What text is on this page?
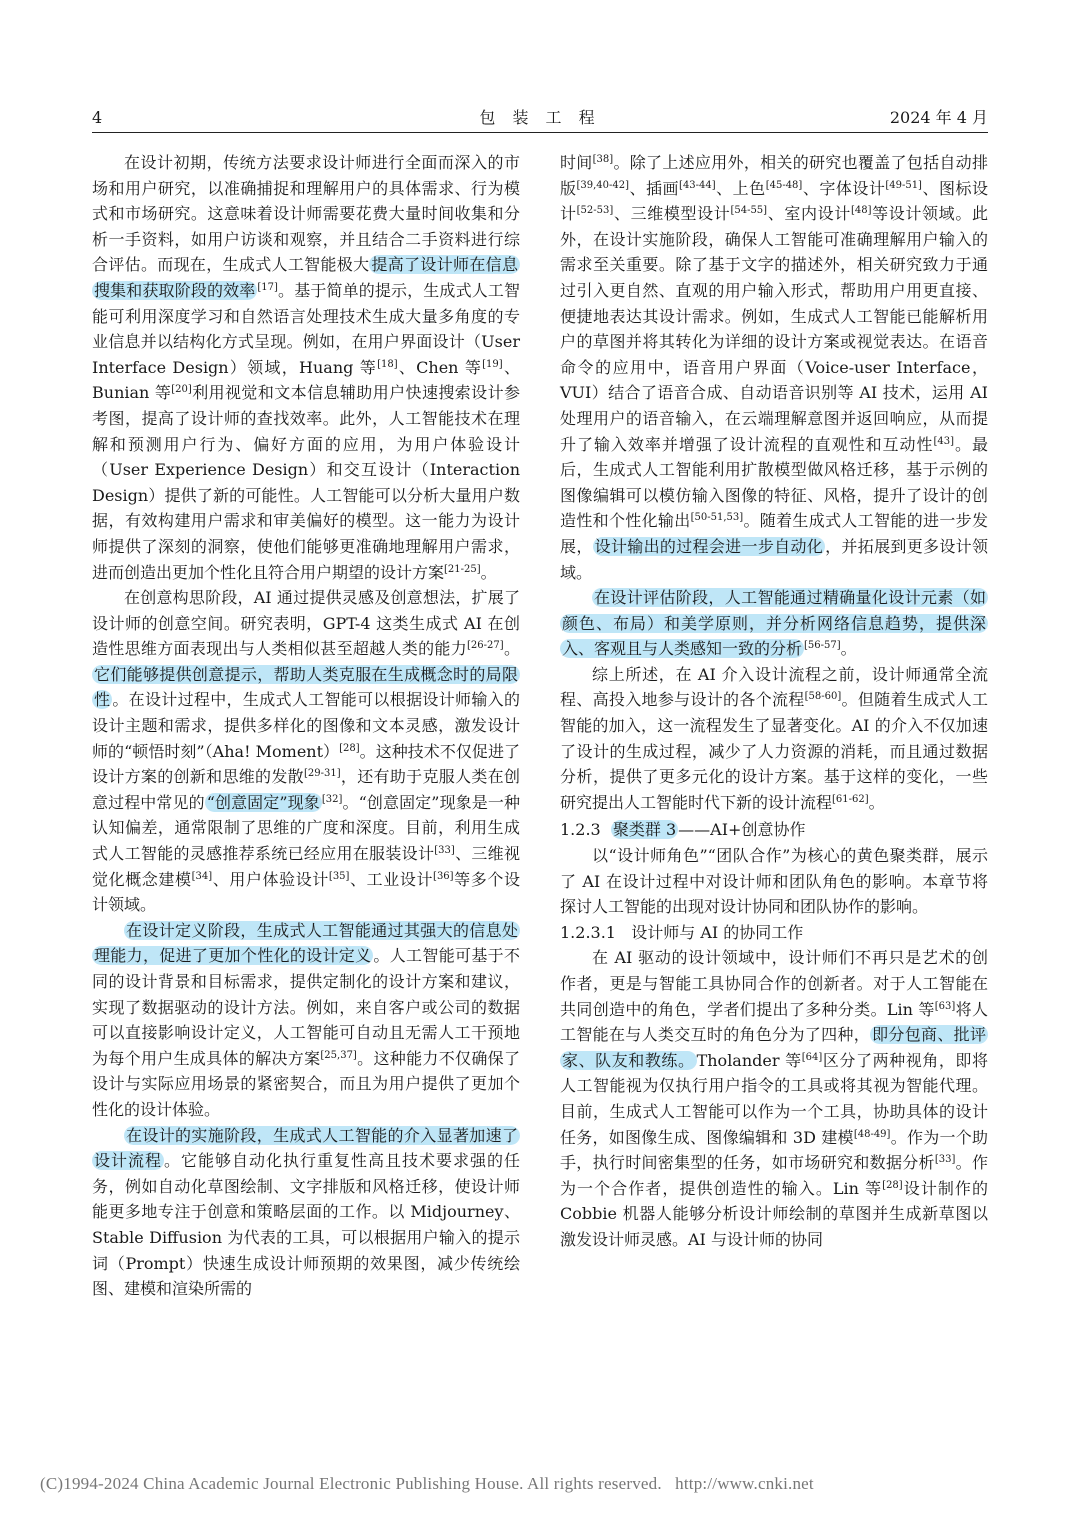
4	包 装 工 程	2024 年 4 月

在设计初期，传统方法要求设计师进行全面而深入的市场和用户研究，以准确捕捉和理解用户的具体需求、行为模式和市场研究。这意味着设计师需要花费大量时间收集和分析一手资料，如用户访谈和观察，并且结合二手资料进行综合评估。而现在，生成式人工智能极大 提高了设计师在信息搜集和获取阶段的效率 [17]。基于简单的提示，生成式人工智能可利用深度学习和自然语言处理技术生成大量多角度的专业信息并以结构化方式呈现。例如，在用户界面设计（User Interface Design）领域，Huang 等[18]、Chen 等[19]、Bunian 等[20]利用视觉和文本信息辅助用户快速搜索设计参考图，提高了设计师的查找效率。此外，人工智能技术在理解和预测用户行为、偏好方面的应用，为用户体验设计（User Experience Design）和交互设计（Interaction Design）提供了新的可能性。人工智能可以分析大量用户数据，有效构建用户需求和审美偏好的模型。这一能力为设计师提供了深刻的洞察，使他们能够更准确地理解用户需求，进而创造出更加个性化且符合用户期望的设计方案[21-25]。

在创意构思阶段，AI 通过提供灵感及创意想法，扩展了设计师的创意空间。研究表明，GPT-4 这类生成式 AI 在创造性思维方面表现出与人类相似甚至超越人类的能力[26-27]。它们能够提供创意提示，帮助人类克服在生成概念时的局限性 。在设计过程中，生成式人工智能可以根据设计师输入的设计主题和需求，提供多样化的图像和文本灵感，激发设计师的“顿悟时刻”（Aha! Moment）[28]。这种技术不仅促进了设计方案的创新和思维的发散[29-31]，还有助于克服人类在创意过程中常见的 “创意固定”现象 [32]。“创意固定”现象是一种认知偏差，通常限制了思维的广度和深度。目前，利用生成式人工智能的灵感推荐系统已经应用在服装设计[33]、三维视觉化概念建模[34]、用户体验设计[35]、工业设计[36]等多个设计领域。

在设计定义阶段，生成式人工智能通过其强大的信息处理能力，促进了更加个性化的设计定义 。人工智能可基于不同的设计背景和目标需求，提供定制化的设计方案和建议，实现了数据驱动的设计方法。例如，来自客户或公司的数据可以直接影响设计定义，人工智能可自动且无需人工干预地为每个用户生成具体的解决方案[25,37]。这种能力不仅确保了设计与实际应用场景的紧密契合，而且为用户提供了更加个性化的设计体验。

在设计的实施阶段，生成式人工智能的介入显著加速了设计流程 。它能够自动化执行重复性高且技术要求强的任务，例如自动化草图绘制、文字排版和风格迁移，使设计师能更多地专注于创意和策略层面的工作。以 Midjourney、Stable Diffusion 为代表的工具，可以根据用户输入的提示词（Prompt）快速生成设计师预期的效果图，减少传统绘图、建模和渲染所需的

时间[38]。除了上述应用外，相关的研究也覆盖了包括自动排版[39,40-42]、插画[43-44]、上色[45-48]、字体设计[49-51]、图标设计[52-53]、三维模型设计[54-55]、室内设计[48]等设计领域。此外，在设计实施阶段，确保人工智能可准确理解用户输入的需求至关重要。除了基于文字的描述外，相关研究致力于通过引入更自然、直观的用户输入形式，帮助用户用更直接、便捷地表达其设计需求。例如，生成式人工智能已能解析用户的草图并将其转化为详细的设计方案或视觉表达。在语音命令的应用中，语音用户界面（Voice-user Interface，VUI）结合了语音合成、自动语音识别等 AI 技术，运用 AI 处理用户的语音输入，在云端理解意图并返回响应，从而提升了输入效率并增强了设计流程的直观性和互动性[43]。最后，生成式人工智能利用扩散模型做风格迁移，基于示例的图像编辑可以模仿输入图像的特征、风格，提升了设计的创造性和个性化输出[50-51,53]。随着生成式人工智能的进一步发展， 设计输出的过程会进一步自动化 ，并拓展到更多设计领域。

在设计评估阶段，人工智能通过精确量化设计元素（如颜色、布局）和美学原则，并分析网络信息趋势，提供深入、客观且与人类感知一致的分析 [56-57]。

综上所述，在 AI 介入设计流程之前，设计师通常全流程、高投入地参与设计的各个流程[58-60]。但随着生成式人工智能的加入，这一流程发生了显著变化。AI 的介入不仅加速了设计的生成过程，减少了人力资源的消耗，而且通过数据分析，提供了更多元化的设计方案。基于这样的变化，一些研究提出人工智能时代下新的设计流程[61-62]。

1.2.3 聚类群 3 ——AI+创意协作

以“设计师角色”“团队合作”为核心的黄色聚类群，展示了 AI 在设计过程中对设计师和团队角色的影响。本章节将探讨人工智能的出现对设计协同和团队协作的影响。

1.2.3.1 设计师与 AI 的协同工作

在 AI 驱动的设计领域中，设计师们不再只是艺术的创作者，更是与智能工具协同合作的创新者。对于人工智能在共同创造中的角色，学者们提出了多种分类。Lin 等[63]将人工智能在与人类交互时的角色分为了四种， 即分包商、批评家、队友和教练。 Tholander 等[64]区分了两种视角，即将人工智能视为仅执行用户指令的工具或将其视为智能代理。目前，生成式人工智能可以作为一个工具，协助具体的设计任务，如图像生成、图像编辑和 3D 建模[48-49]。作为一个助手，执行时间密集型的任务，如市场研究和数据分析[33]。作为一个合作者，提供创造性的输入。Lin 等[28]设计制作的 Cobbie 机器人能够分析设计师绘制的草图并生成新草图以激发设计师灵感。AI 与设计师的协同

(C)1994-2024 China Academic Journal Electronic Publishing House. All rights reserved. http://www.cnki.net
